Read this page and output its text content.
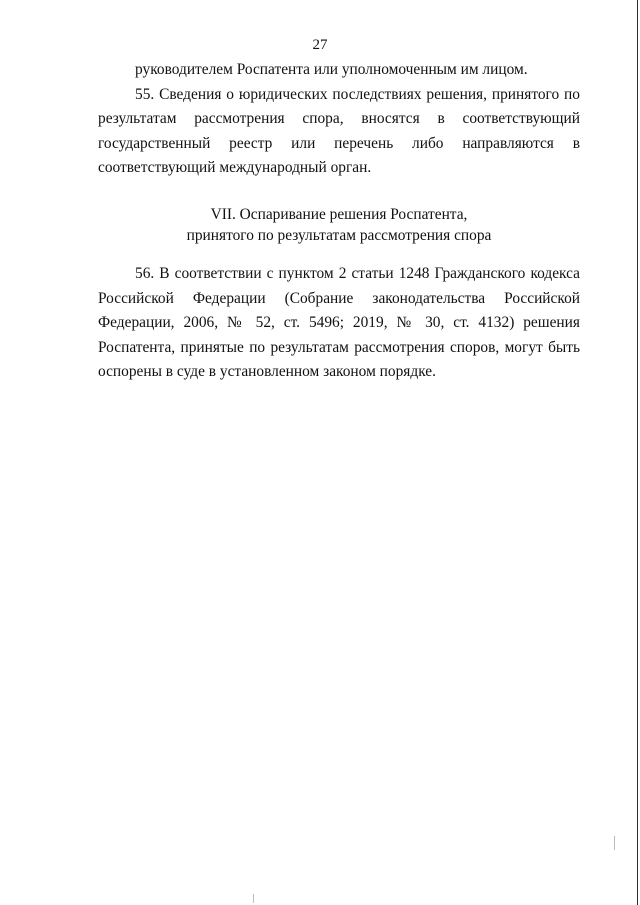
27

руководителем Роспатента или уполномоченным им лицом.

55. Сведения о юридических последствиях решения, принятого по результатам рассмотрения спора, вносятся в соответствующий государственный реестр или перечень либо направляются в соответствующий международный орган.

VII. Оспаривание решения Роспатента,
принятого по результатам рассмотрения спора

56. В соответствии с пунктом 2 статьи 1248 Гражданского кодекса Российской Федерации (Собрание законодательства Российской Федерации, 2006, № 52, ст. 5496; 2019, № 30, ст. 4132) решения Роспатента, принятые по результатам рассмотрения споров, могут быть оспорены в суде в установленном законом порядке.
